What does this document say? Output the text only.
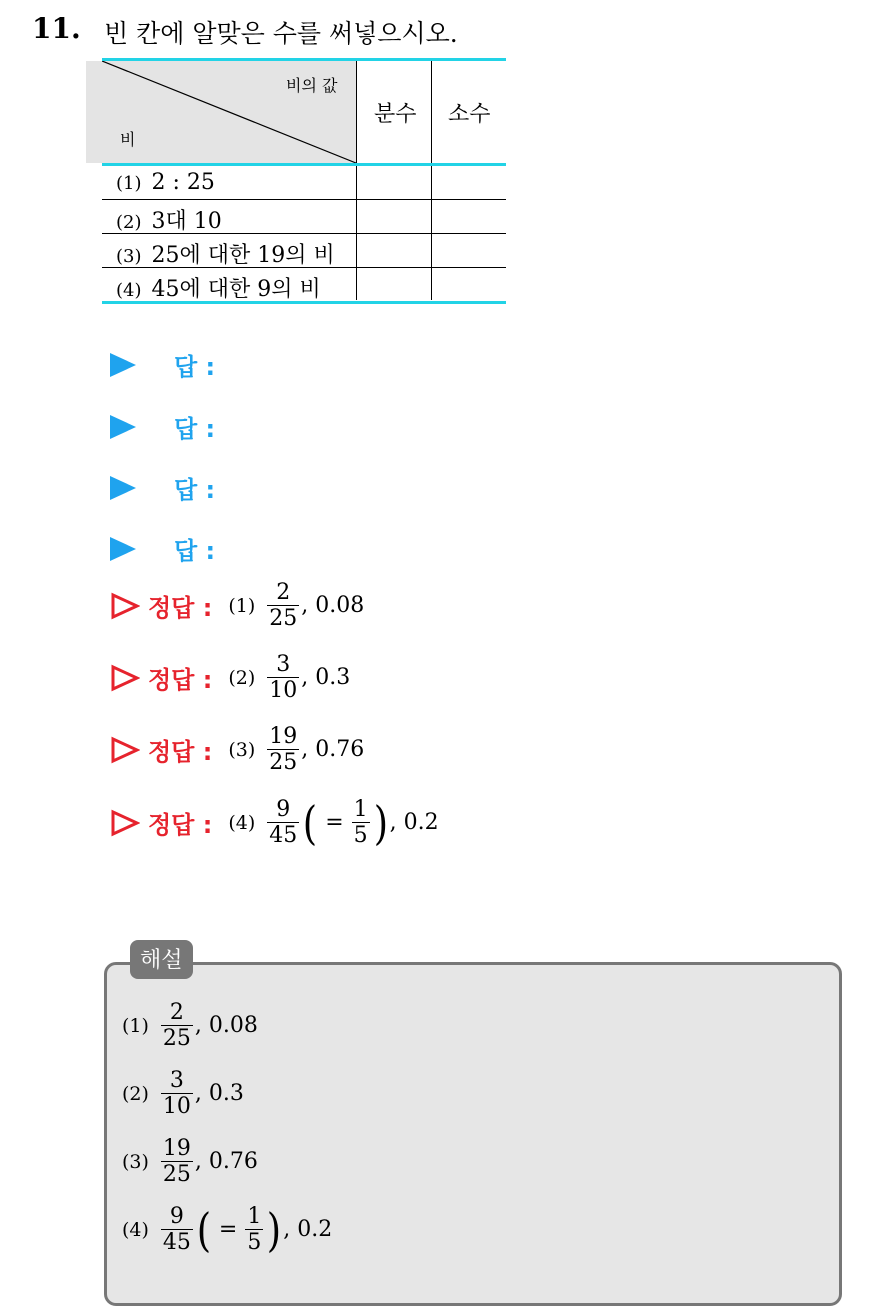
11. 빈 칸에 알맞은 수를 써넣으시오.
비의 값
비
분수 소수
(1) 2 : 25
(2) 3대 10
(3) 25에 대한 19의 비
(4) 45에 대한 9의 비
답 :
답 :
답 :
답 :
정답 : $(1) \frac{2}{25}$ , 0.08
정답 : $(2) \frac{3}{10}$ , 0.3
정답 : $(3) \frac{19}{25}$ , 0.76
정답 : $(4) \frac{9}{45}$ ( = $\frac{1}{5}$ ) , 0.2
해설
$(1) \frac{2}{25}$ , 0.08
$(2) \frac{3}{10}$ , 0.3
$(3) \frac{19}{25}$ , 0.76
$(4) \frac{9}{45}$ ( = $\frac{1}{5}$ ) , 0.2
